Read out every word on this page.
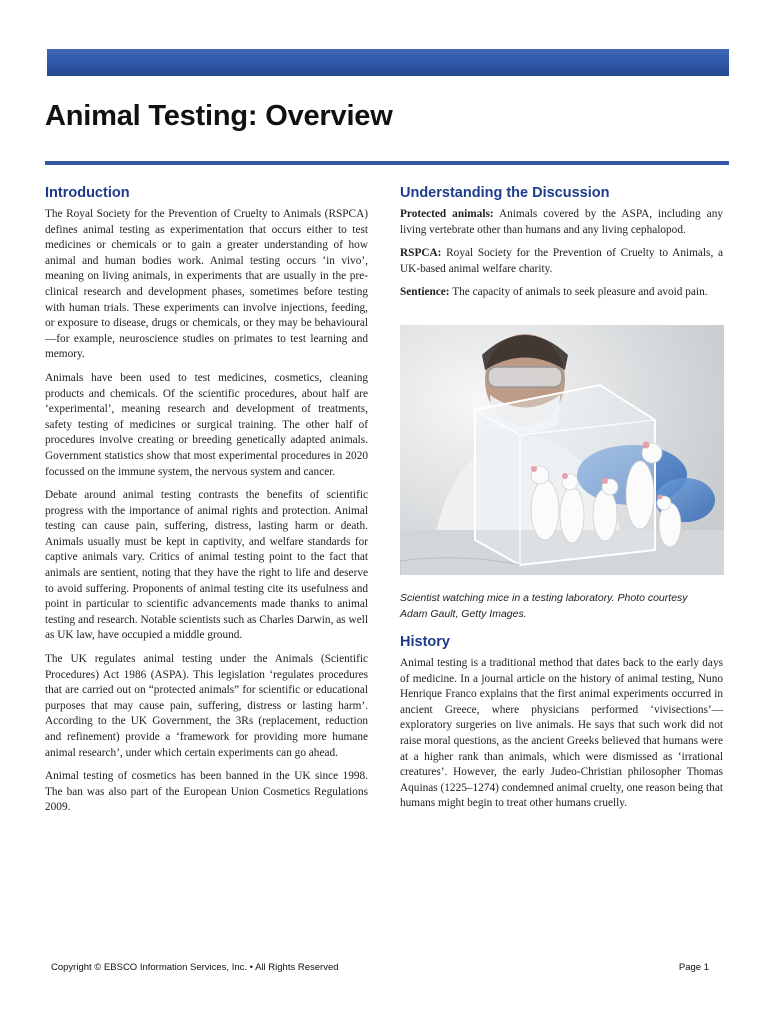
Animal Testing: Overview
Introduction

The Royal Society for the Prevention of Cruelty to Animals (RSPCA) defines animal testing as experimentation that occurs either to test medicines or chemicals or to gain a greater understanding of how animal and human bodies work. Animal testing occurs ‘in vivo’, meaning on living animals, in experiments that are usually in the pre-clinical research and development phases, sometimes before testing with human trials. These experiments can involve injections, feeding, or exposure to disease, drugs or chemicals, or they may be behavioural—for example, neuroscience studies on primates to test learning and memory.

Animals have been used to test medicines, cosmetics, cleaning products and chemicals. Of the scientific procedures, about half are ‘experimental’, meaning research and development of treatments, safety testing of medicines or surgical training. The other half of procedures involve creating or breeding genetically adapted animals. Government statistics show that most experimental procedures in 2020 focussed on the immune system, the nervous system and cancer.

Debate around animal testing contrasts the benefits of scientific progress with the importance of animal rights and protection. Animal testing can cause pain, suffering, distress, lasting harm or death. Animals usually must be kept in captivity, and welfare standards for captive animals vary. Critics of animal testing point to the fact that animals are sentient, noting that they have the right to life and deserve to avoid suffering. Proponents of animal testing cite its usefulness and point in particular to scientific advancements made thanks to animal testing and research. Notable scientists such as Charles Darwin, as well as UK law, have occupied a middle ground.

The UK regulates animal testing under the Animals (Scientific Procedures) Act 1986 (ASPA). This legislation ‘regulates procedures that are carried out on “protected animals” for scientific or educational purposes that may cause pain, suffering, distress or lasting harm’. According to the UK Government, the 3Rs (replacement, reduction and refinement) provide a ‘framework for providing more humane animal research’, under which certain experiments can go ahead.

Animal testing of cosmetics has been banned in the UK since 1998. The ban was also part of the European Union Cosmetics Regulations 2009.

Understanding the Discussion

Protected animals: Animals covered by the ASPA, including any living vertebrate other than humans and any living cephalopod.

RSPCA: Royal Society for the Prevention of Cruelty to Animals, a UK-based animal welfare charity.

Sentience: The capacity of animals to seek pleasure and avoid pain.

Scientist watching mice in a testing laboratory. Photo courtesy Adam Gault, Getty Images.
History

Animal testing is a traditional method that dates back to the early days of medicine. In a journal article on the history of animal testing, Nuno Henrique Franco explains that the first animal experiments occurred in ancient Greece, where physicians performed ‘vivisections’—exploratory surgeries on live animals. He says that such work did not raise moral questions, as the ancient Greeks believed that humans were at a higher rank than animals, which were dismissed as ‘irrational creatures’. However, the early Judeo-Christian philosopher Thomas Aquinas (1225–1274) condemned animal cruelty, one reason being that humans might begin to treat other humans cruelly.

Copyright © EBSCO Information Services, Inc. • All Rights Reserved	Page 1
